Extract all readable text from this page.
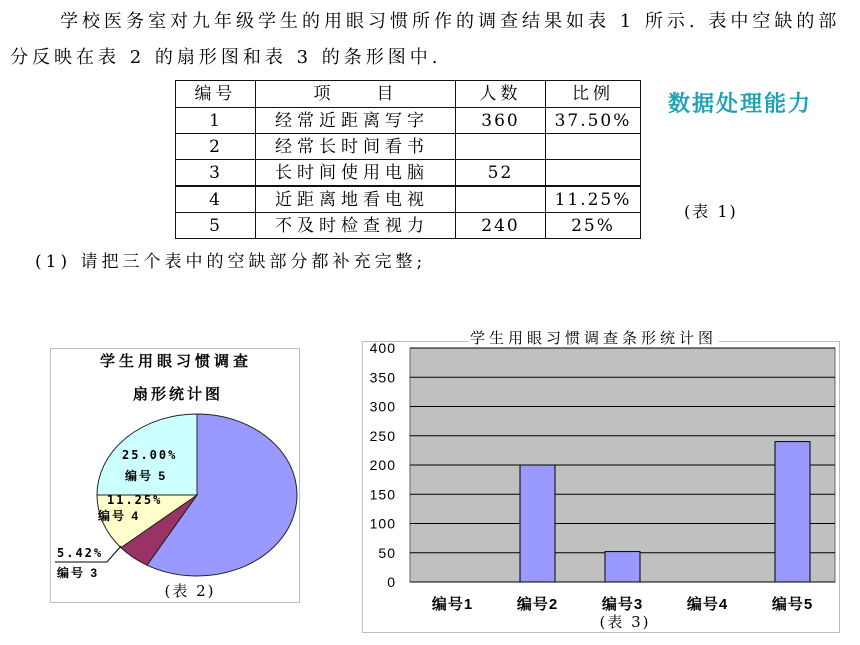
学校医务室对九年级学生的用眼习惯所作的调查结果如表 1 所示. 表中空缺的部
分反映在表 2 的扇形图和表 3 的条形图中.
编号	项　　目	人数	比例
1	经常近距离写字	360	37.50%
2	经常长时间看书		
3	长时间使用电脑	52	
4	近距离地看电视		11.25%
5	不及时检查视力	240	25%
数据处理能力
(表 1)
(1) 请把三个表中的空缺部分都补充完整;
学生用眼习惯调查
扇形统计图
25.00%
编号 5
11.25%
编号 4
5.42%
编号 3
(表 2)
400
350
300
250
200
150
100
50
0
编号1	编号2	编号3	编号4	编号5
(表 3)
学生用眼习惯调查条形统计图
